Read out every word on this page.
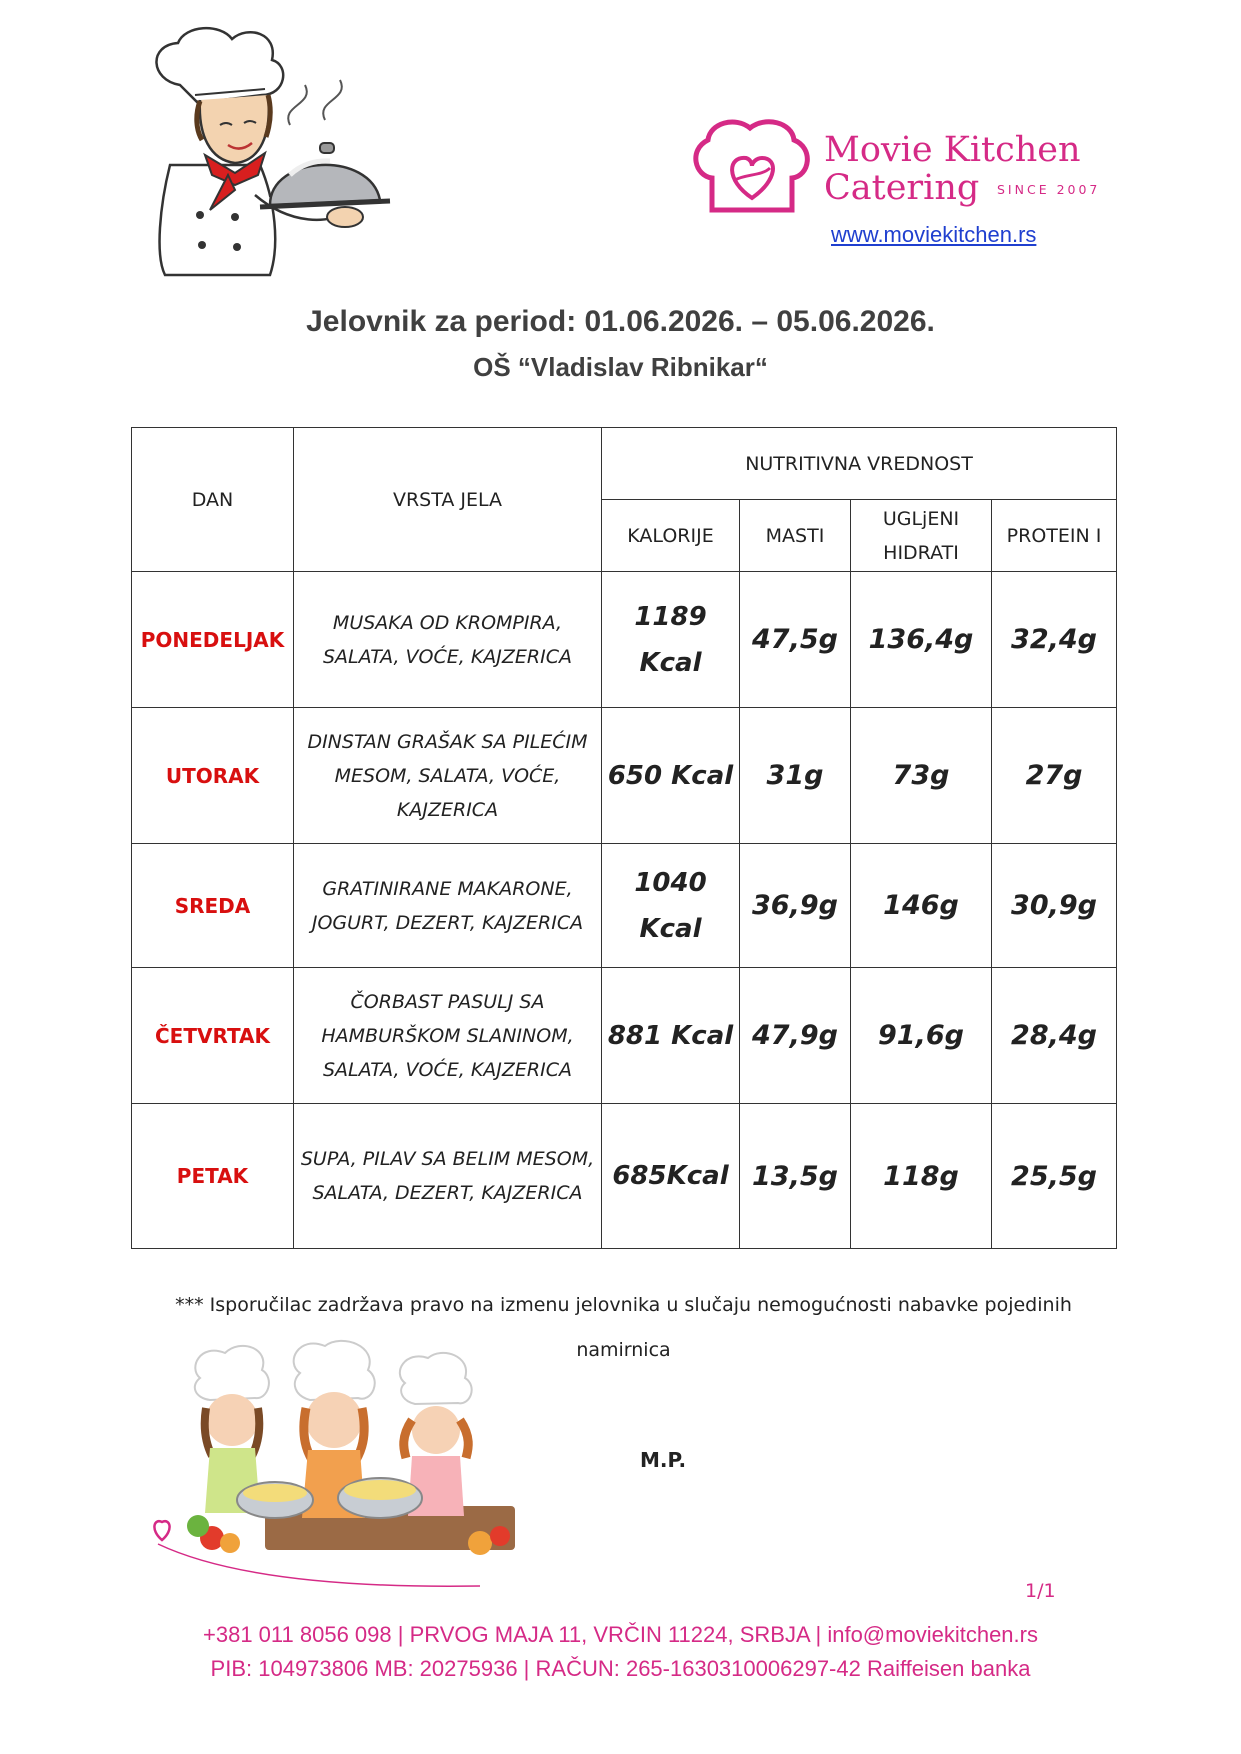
Movie Kitchen
Catering SINCE 2007
www.moviekitchen.rs
Jelovnik za period: 01.06.2026. – 05.06.2026.
OŠ “Vladislav Ribnikar“
DAN	VRSTA JELA	NUTRITIVNA VREDNOST			
		KALORIJE	MASTI	UGLjENI HIDRATI	PROTEIN I
PONEDELJAK	MUSAKA OD KROMPIRA, SALATA, VOĆE, KAJZERICA	1189 Kcal	47,5g	136,4g	32,4g
UTORAK	DINSTAN GRAŠAK SA PILEĆIM MESOM, SALATA, VOĆE, KAJZERICA	650 Kcal	31g	73g	27g
SREDA	GRATINIRANE MAKARONE, JOGURT, DEZERT, KAJZERICA	1040 Kcal	36,9g	146g	30,9g
ČETVRTAK	ČORBAST PASULJ SA HAMBURŠKOM SLANINOM, SALATA, VOĆE, KAJZERICA	881 Kcal	47,9g	91,6g	28,4g
PETAK	SUPA, PILAV SA BELIM MESOM, SALATA, DEZERT, KAJZERICA	685Kcal	13,5g	118g	25,5g
*** Isporučilac zadržava pravo na izmenu jelovnika u slučaju nemogućnosti nabavke pojedinih namirnica
M.P.
1/1
+381 011 8056 098 | PRVOG MAJA 11, VRČIN 11224, SRBJA | info@moviekitchen.rs
PIB: 104973806 MB: 20275936 | RAČUN: 265-1630310006297-42 Raiffeisen banka
